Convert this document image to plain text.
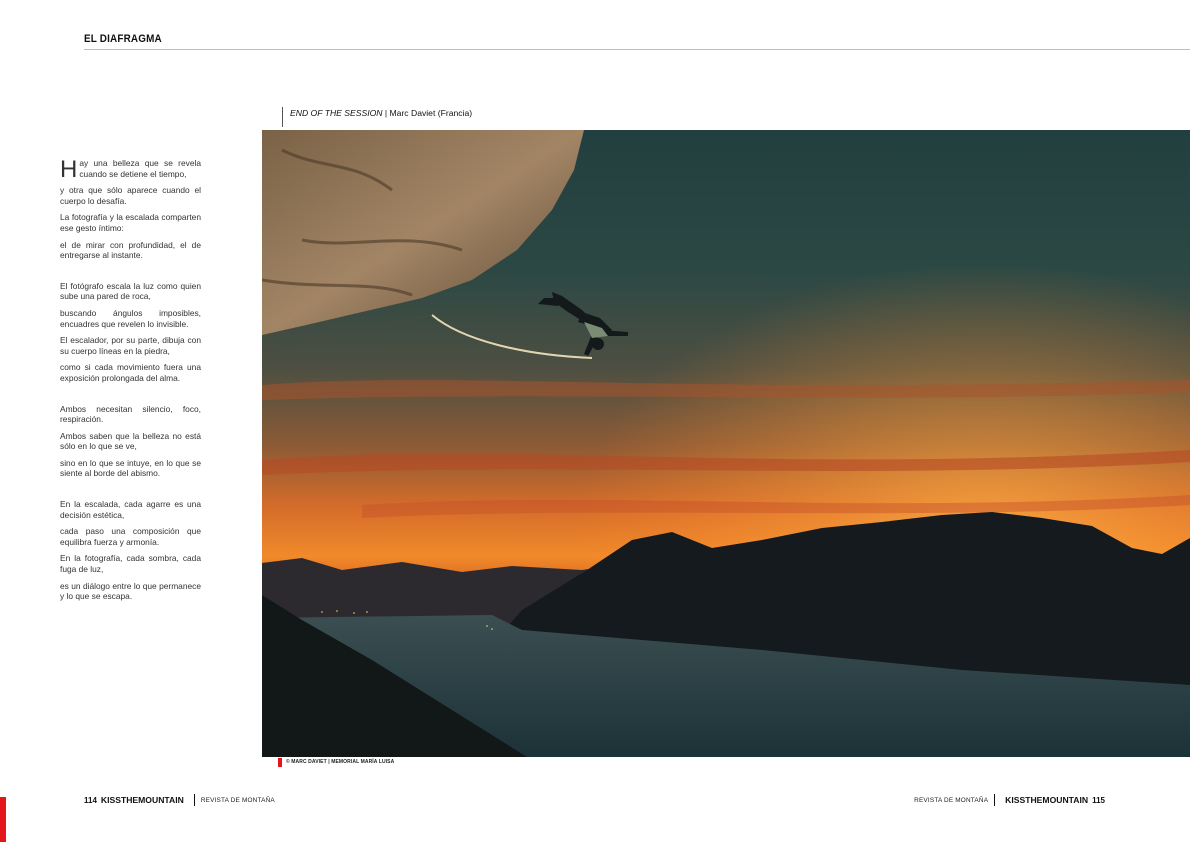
EL DIAFRAGMA

Hay una belleza que se revela cuando se detiene el tiempo,

y otra que sólo aparece cuando el cuerpo lo desafía.

La fotografía y la escalada comparten ese gesto íntimo:

el de mirar con profundidad, el de entregarse al instante.

El fotógrafo escala la luz como quien sube una pared de roca,

buscando ángulos imposibles, encuadres que revelen lo invisible.

El escalador, por su parte, dibuja con su cuerpo líneas en la piedra,

como si cada movimiento fuera una exposición prolongada del alma.

Ambos necesitan silencio, foco, respiración.

Ambos saben que la belleza no está sólo en lo que se ve,

sino en lo que se intuye, en lo que se siente al borde del abismo.

En la escalada, cada agarre es una decisión estética,

cada paso una composición que equilibra fuerza y armonía.

En la fotografía, cada sombra, cada fuga de luz,

es un diálogo entre lo que permanece y lo que se escapa.

END OF THE SESSION | Marc Daviet (Francia)
© MARC DAVIET | MEMORIAL MARÍA LUISA
114 KISSTHEMOUNTAIN	REVISTA DE MONTAÑA	REVISTA DE MONTAÑA KISSTHEMOUNTAIN 115
